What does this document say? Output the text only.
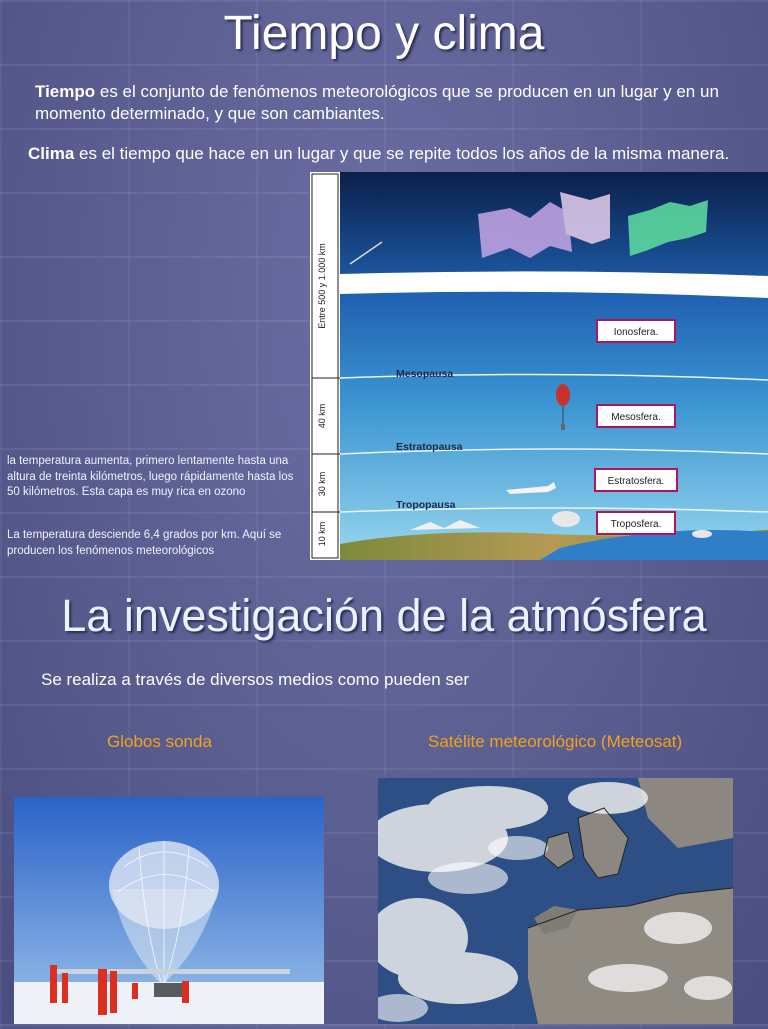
Tiempo y clima
Tiempo es el conjunto de fenómenos meteorológicos que se producen en un lugar y en un momento determinado, y que son cambiantes.
Clima es el tiempo que hace en un lugar y que se repite todos los años de la misma manera.
la temperatura aumenta, primero lentamente hasta una altura de treinta kilómetros, luego rápidamente hasta los 50 kilómetros. Esta capa es muy rica en ozono
La temperatura desciende 6,4 grados por km. Aquí se producen los fenómenos meteorológicos
Entre 500 y 1.000 km
40 km
30 km
10 km
Mesopausa
Estratopausa
Tropopausa
Ionosfera.
Mesosfera.
Estratosfera.
Troposfera.
La investigación de la atmósfera
Se realiza a través de diversos medios como pueden ser
Globos sonda	Satélite meteorológico (Meteosat)
